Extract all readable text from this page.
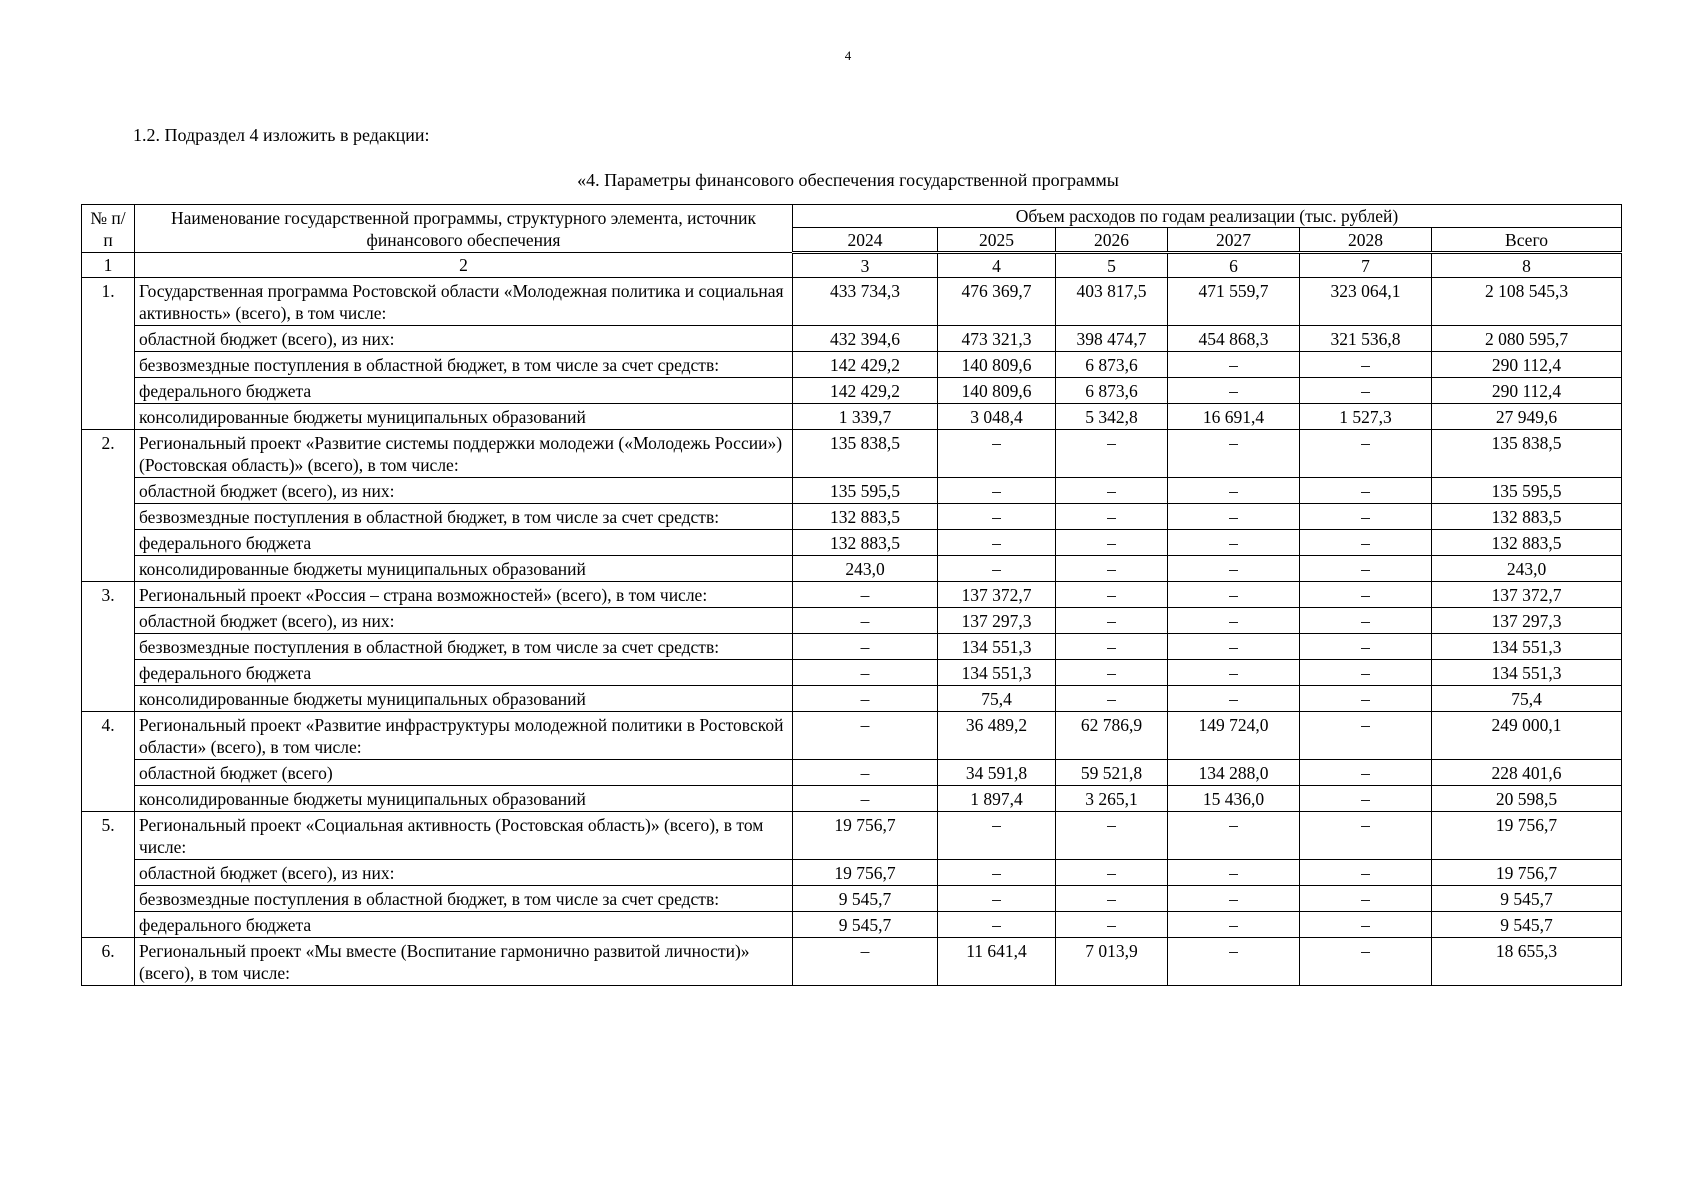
4
1.2. Подраздел 4 изложить в редакции:
«4. Параметры финансового обеспечения государственной программы
№ п/п	Наименование государственной программы, структурного элемента, источник финансового обеспечения	Объем расходов по годам реализации (тыс. рублей)					
		2024	2025	2026	2027	2028	Всего
1	2	3	4	5	6	7	8
1.	Государственная программа Ростовской области «Молодежная политика и социальная активность» (всего), в том числе:	433 734,3	476 369,7	403 817,5	471 559,7	323 064,1	2 108 545,3
	областной бюджет (всего), из них:	432 394,6	473 321,3	398 474,7	454 868,3	321 536,8	2 080 595,7
	безвозмездные поступления в областной бюджет, в том числе за счет средств:	142 429,2	140 809,6	6 873,6	–	–	290 112,4
	федерального бюджета	142 429,2	140 809,6	6 873,6	–	–	290 112,4
	консолидированные бюджеты муниципальных образований	1 339,7	3 048,4	5 342,8	16 691,4	1 527,3	27 949,6
2.	Региональный проект «Развитие системы поддержки молодежи («Молодежь России») (Ростовская область)» (всего), в том числе:	135 838,5	–	–	–	–	135 838,5
	областной бюджет (всего), из них:	135 595,5	–	–	–	–	135 595,5
	безвозмездные поступления в областной бюджет, в том числе за счет средств:	132 883,5	–	–	–	–	132 883,5
	федерального бюджета	132 883,5	–	–	–	–	132 883,5
	консолидированные бюджеты муниципальных образований	243,0	–	–	–	–	243,0
3.	Региональный проект «Россия – страна возможностей» (всего), в том числе:	–	137 372,7	–	–	–	137 372,7
	областной бюджет (всего), из них:	–	137 297,3	–	–	–	137 297,3
	безвозмездные поступления в областной бюджет, в том числе за счет средств:	–	134 551,3	–	–	–	134 551,3
	федерального бюджета	–	134 551,3	–	–	–	134 551,3
	консолидированные бюджеты муниципальных образований	–	75,4	–	–	–	75,4
4.	Региональный проект «Развитие инфраструктуры молодежной политики в Ростовской области» (всего), в том числе:	–	36 489,2	62 786,9	149 724,0	–	249 000,1
	областной бюджет (всего)	–	34 591,8	59 521,8	134 288,0	–	228 401,6
	консолидированные бюджеты муниципальных образований	–	1 897,4	3 265,1	15 436,0	–	20 598,5
5.	Региональный проект «Социальная активность (Ростовская область)» (всего), в том числе:	19 756,7	–	–	–	–	19 756,7
	областной бюджет (всего), из них:	19 756,7	–	–	–	–	19 756,7
	безвозмездные поступления в областной бюджет, в том числе за счет средств:	9 545,7	–	–	–	–	9 545,7
	федерального бюджета	9 545,7	–	–	–	–	9 545,7
6.	Региональный проект «Мы вместе (Воспитание гармонично развитой личности)» (всего), в том числе:	–	11 641,4	7 013,9	–	–	18 655,3
